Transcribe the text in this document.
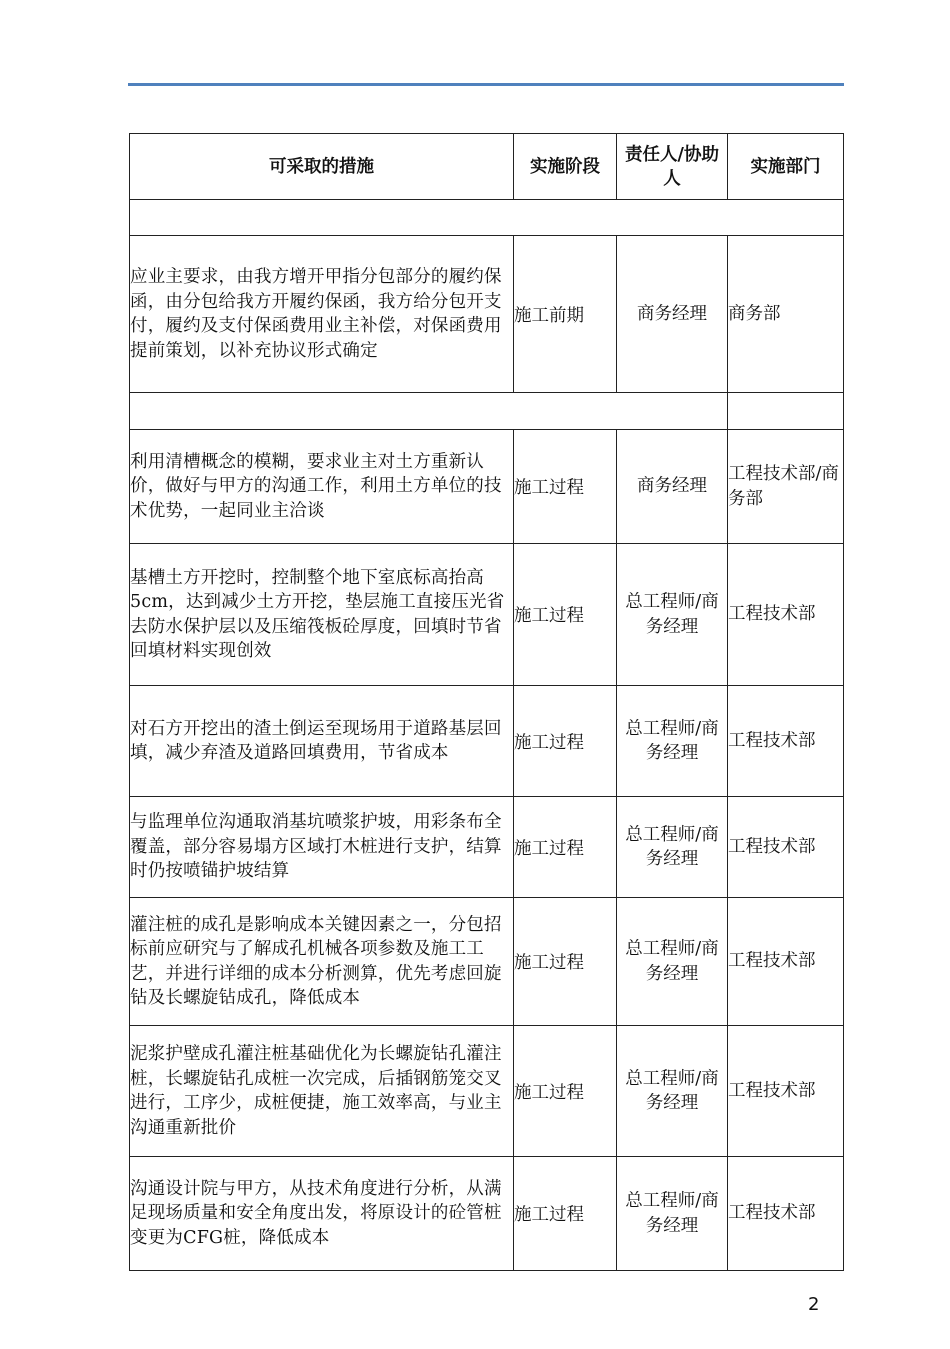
可采取的措施	实施阶段	责任人/协助人	实施部门

应业主要求，由我方增开甲指分包部分的履约保函，由分包给我方开履约保函，我方给分包开支付，履约及支付保函费用业主补偿，对保函费用提前策划，以补充协议形式确定	施工前期	商务经理	商务部

利用清槽概念的模糊，要求业主对土方重新认价，做好与甲方的沟通工作，利用土方单位的技术优势，一起同业主洽谈	施工过程	商务经理	工程技术部/商务部
基槽土方开挖时，控制整个地下室底标高抬高5cm，达到减少土方开挖，垫层施工直接压光省去防水保护层以及压缩筏板砼厚度，回填时节省回填材料实现创效	施工过程	总工程师/商务经理	工程技术部
对石方开挖出的渣土倒运至现场用于道路基层回填，减少弃渣及道路回填费用，节省成本	施工过程	总工程师/商务经理	工程技术部
与监理单位沟通取消基坑喷浆护坡，用彩条布全覆盖，部分容易塌方区域打木桩进行支护，结算时仍按喷锚护坡结算	施工过程	总工程师/商务经理	工程技术部
灌注桩的成孔是影响成本关键因素之一，分包招标前应研究与了解成孔机械各项参数及施工工艺，并进行详细的成本分析测算，优先考虑回旋钻及长螺旋钻成孔，降低成本	施工过程	总工程师/商务经理	工程技术部
泥浆护壁成孔灌注桩基础优化为长螺旋钻孔灌注桩，长螺旋钻孔成桩一次完成，后插钢筋笼交叉进行，工序少，成桩便捷，施工效率高，与业主沟通重新批价	施工过程	总工程师/商务经理	工程技术部
沟通设计院与甲方，从技术角度进行分析，从满足现场质量和安全角度出发，将原设计的砼管桩变更为CFG桩，降低成本	施工过程	总工程师/商务经理	工程技术部
2
